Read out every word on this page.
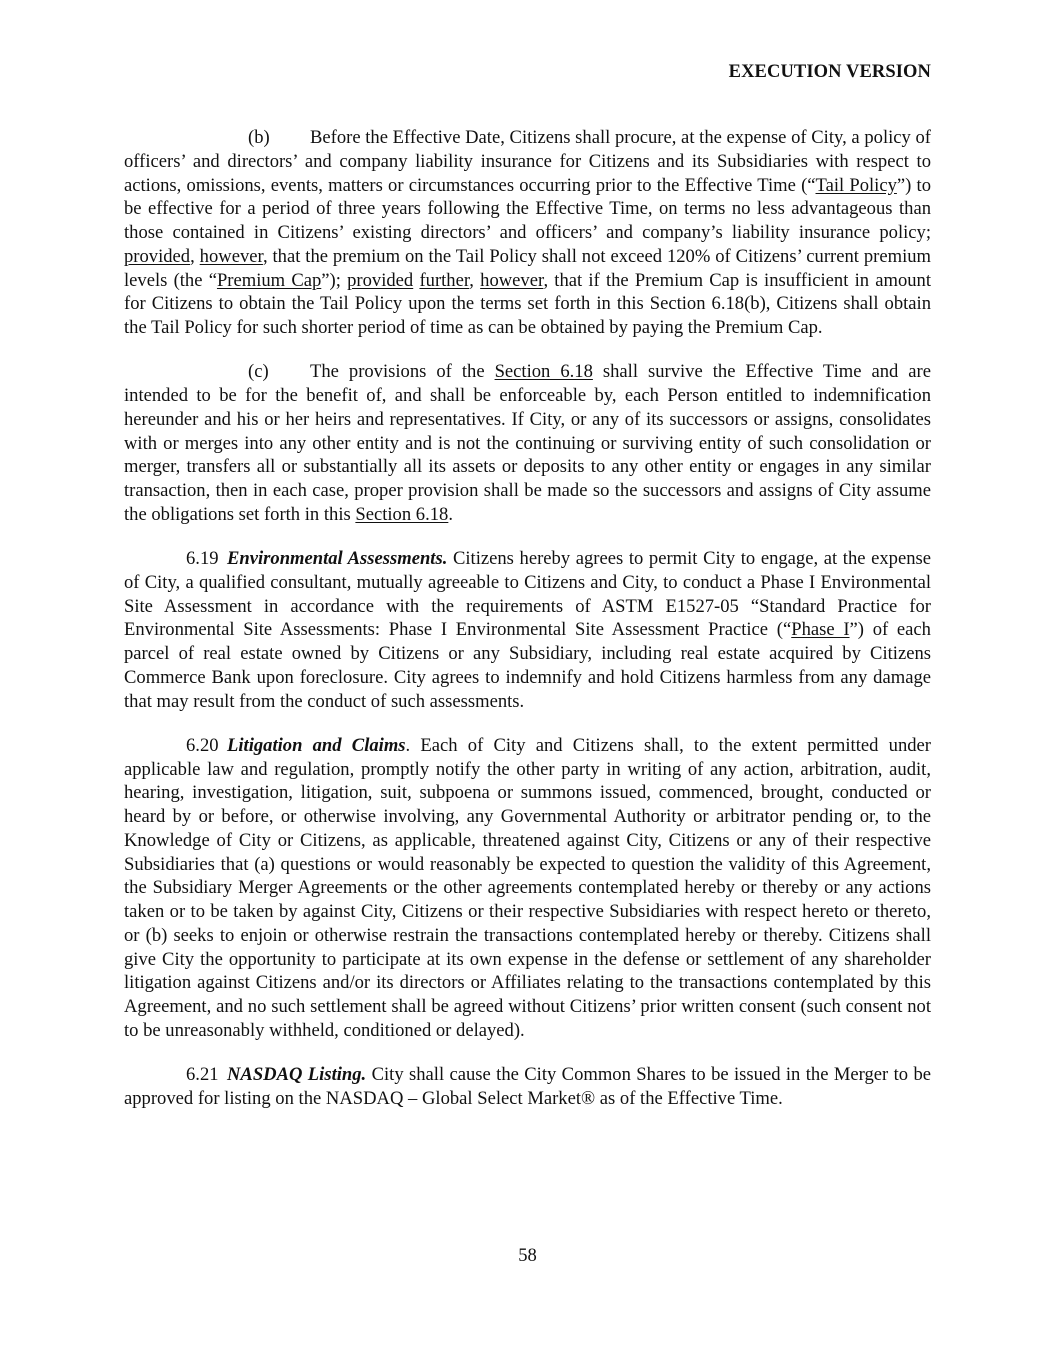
EXECUTION VERSION

(b) Before the Effective Date, Citizens shall procure, at the expense of City, a policy of officers’ and directors’ and company liability insurance for Citizens and its Subsidiaries with respect to actions, omissions, events, matters or circumstances occurring prior to the Effective Time (“Tail Policy”) to be effective for a period of three years following the Effective Time, on terms no less advantageous than those contained in Citizens’ existing directors’ and officers’ and company’s liability insurance policy; provided, however, that the premium on the Tail Policy shall not exceed 120% of Citizens’ current premium levels (the “Premium Cap”); provided further, however, that if the Premium Cap is insufficient in amount for Citizens to obtain the Tail Policy upon the terms set forth in this Section 6.18(b), Citizens shall obtain the Tail Policy for such shorter period of time as can be obtained by paying the Premium Cap.

(c) The provisions of the Section 6.18 shall survive the Effective Time and are intended to be for the benefit of, and shall be enforceable by, each Person entitled to indemnification hereunder and his or her heirs and representatives. If City, or any of its successors or assigns, consolidates with or merges into any other entity and is not the continuing or surviving entity of such consolidation or merger, transfers all or substantially all its assets or deposits to any other entity or engages in any similar transaction, then in each case, proper provision shall be made so the successors and assigns of City assume the obligations set forth in this Section 6.18.

6.19 Environmental Assessments. Citizens hereby agrees to permit City to engage, at the expense of City, a qualified consultant, mutually agreeable to Citizens and City, to conduct a Phase I Environmental Site Assessment in accordance with the requirements of ASTM E1527-05 “Standard Practice for Environmental Site Assessments: Phase I Environmental Site Assessment Practice (“Phase I”) of each parcel of real estate owned by Citizens or any Subsidiary, including real estate acquired by Citizens Commerce Bank upon foreclosure. City agrees to indemnify and hold Citizens harmless from any damage that may result from the conduct of such assessments.

6.20 Litigation and Claims. Each of City and Citizens shall, to the extent permitted under applicable law and regulation, promptly notify the other party in writing of any action, arbitration, audit, hearing, investigation, litigation, suit, subpoena or summons issued, commenced, brought, conducted or heard by or before, or otherwise involving, any Governmental Authority or arbitrator pending or, to the Knowledge of City or Citizens, as applicable, threatened against City, Citizens or any of their respective Subsidiaries that (a) questions or would reasonably be expected to question the validity of this Agreement, the Subsidiary Merger Agreements or the other agreements contemplated hereby or thereby or any actions taken or to be taken by against City, Citizens or their respective Subsidiaries with respect hereto or thereto, or (b) seeks to enjoin or otherwise restrain the transactions contemplated hereby or thereby. Citizens shall give City the opportunity to participate at its own expense in the defense or settlement of any shareholder litigation against Citizens and/or its directors or Affiliates relating to the transactions contemplated by this Agreement, and no such settlement shall be agreed without Citizens’ prior written consent (such consent not to be unreasonably withheld, conditioned or delayed).

6.21 NASDAQ Listing. City shall cause the City Common Shares to be issued in the Merger to be approved for listing on the NASDAQ – Global Select Market® as of the Effective Time.

58
